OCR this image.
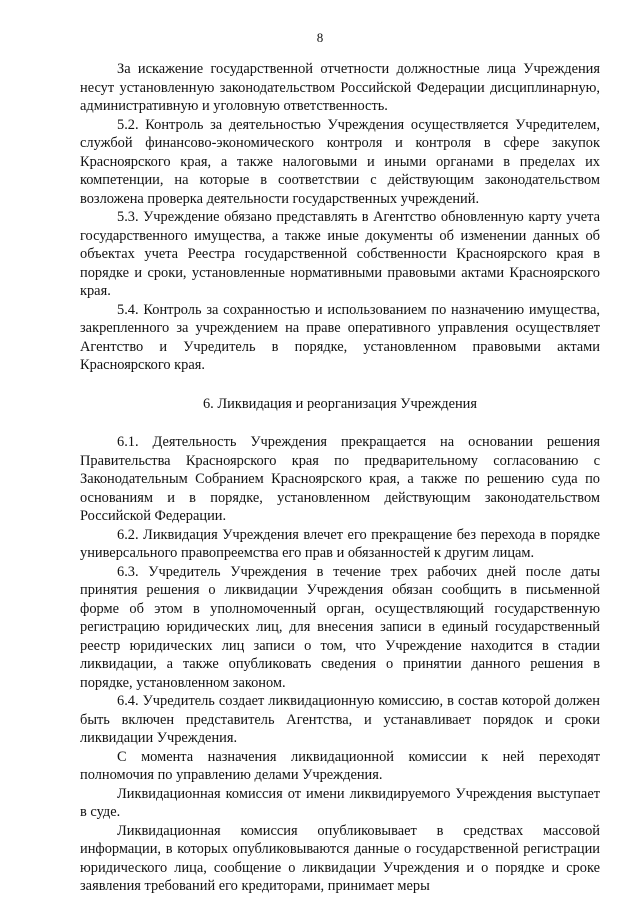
8

За искажение государственной отчетности должностные лица Учреждения несут установленную законодательством Российской Федерации дисциплинарную, административную и уголовную ответственность.

5.2. Контроль за деятельностью Учреждения осуществляется Учредителем, службой финансово-экономического контроля и контроля в сфере закупок Красноярского края, а также налоговыми и иными органами в пределах их компетенции, на которые в соответствии с действующим законодательством возложена проверка деятельности государственных учреждений.

5.3. Учреждение обязано представлять в Агентство обновленную карту учета государственного имущества, а также иные документы об изменении данных об объектах учета Реестра государственной собственности Красноярского края в порядке и сроки, установленные нормативными правовыми актами Красноярского края.

5.4. Контроль за сохранностью и использованием по назначению имущества, закрепленного за учреждением на праве оперативного управления осуществляет Агентство и Учредитель в порядке, установленном правовыми актами Красноярского края.

6. Ликвидация и реорганизация Учреждения

6.1. Деятельность Учреждения прекращается на основании решения Правительства Красноярского края по предварительному согласованию с Законодательным Собранием Красноярского края, а также по решению суда по основаниям и в порядке, установленном действующим законодательством Российской Федерации.

6.2. Ликвидация Учреждения влечет его прекращение без перехода в порядке универсального правопреемства его прав и обязанностей к другим лицам.

6.3. Учредитель Учреждения в течение трех рабочих дней после даты принятия решения о ликвидации Учреждения обязан сообщить в письменной форме об этом в уполномоченный орган, осуществляющий государственную регистрацию юридических лиц, для внесения записи в единый государственный реестр юридических лиц записи о том, что Учреждение находится в стадии ликвидации, а также опубликовать сведения о принятии данного решения в порядке, установленном законом.

6.4. Учредитель создает ликвидационную комиссию, в состав которой должен быть включен представитель Агентства, и устанавливает порядок и сроки ликвидации Учреждения.

С момента назначения ликвидационной комиссии к ней переходят полномочия по управлению делами Учреждения.

Ликвидационная комиссия от имени ликвидируемого Учреждения выступает в суде.

Ликвидационная комиссия опубликовывает в средствах массовой информации, в которых опубликовываются данные о государственной регистрации юридического лица, сообщение о ликвидации Учреждения и о порядке и сроке заявления требований его кредиторами, принимает меры
